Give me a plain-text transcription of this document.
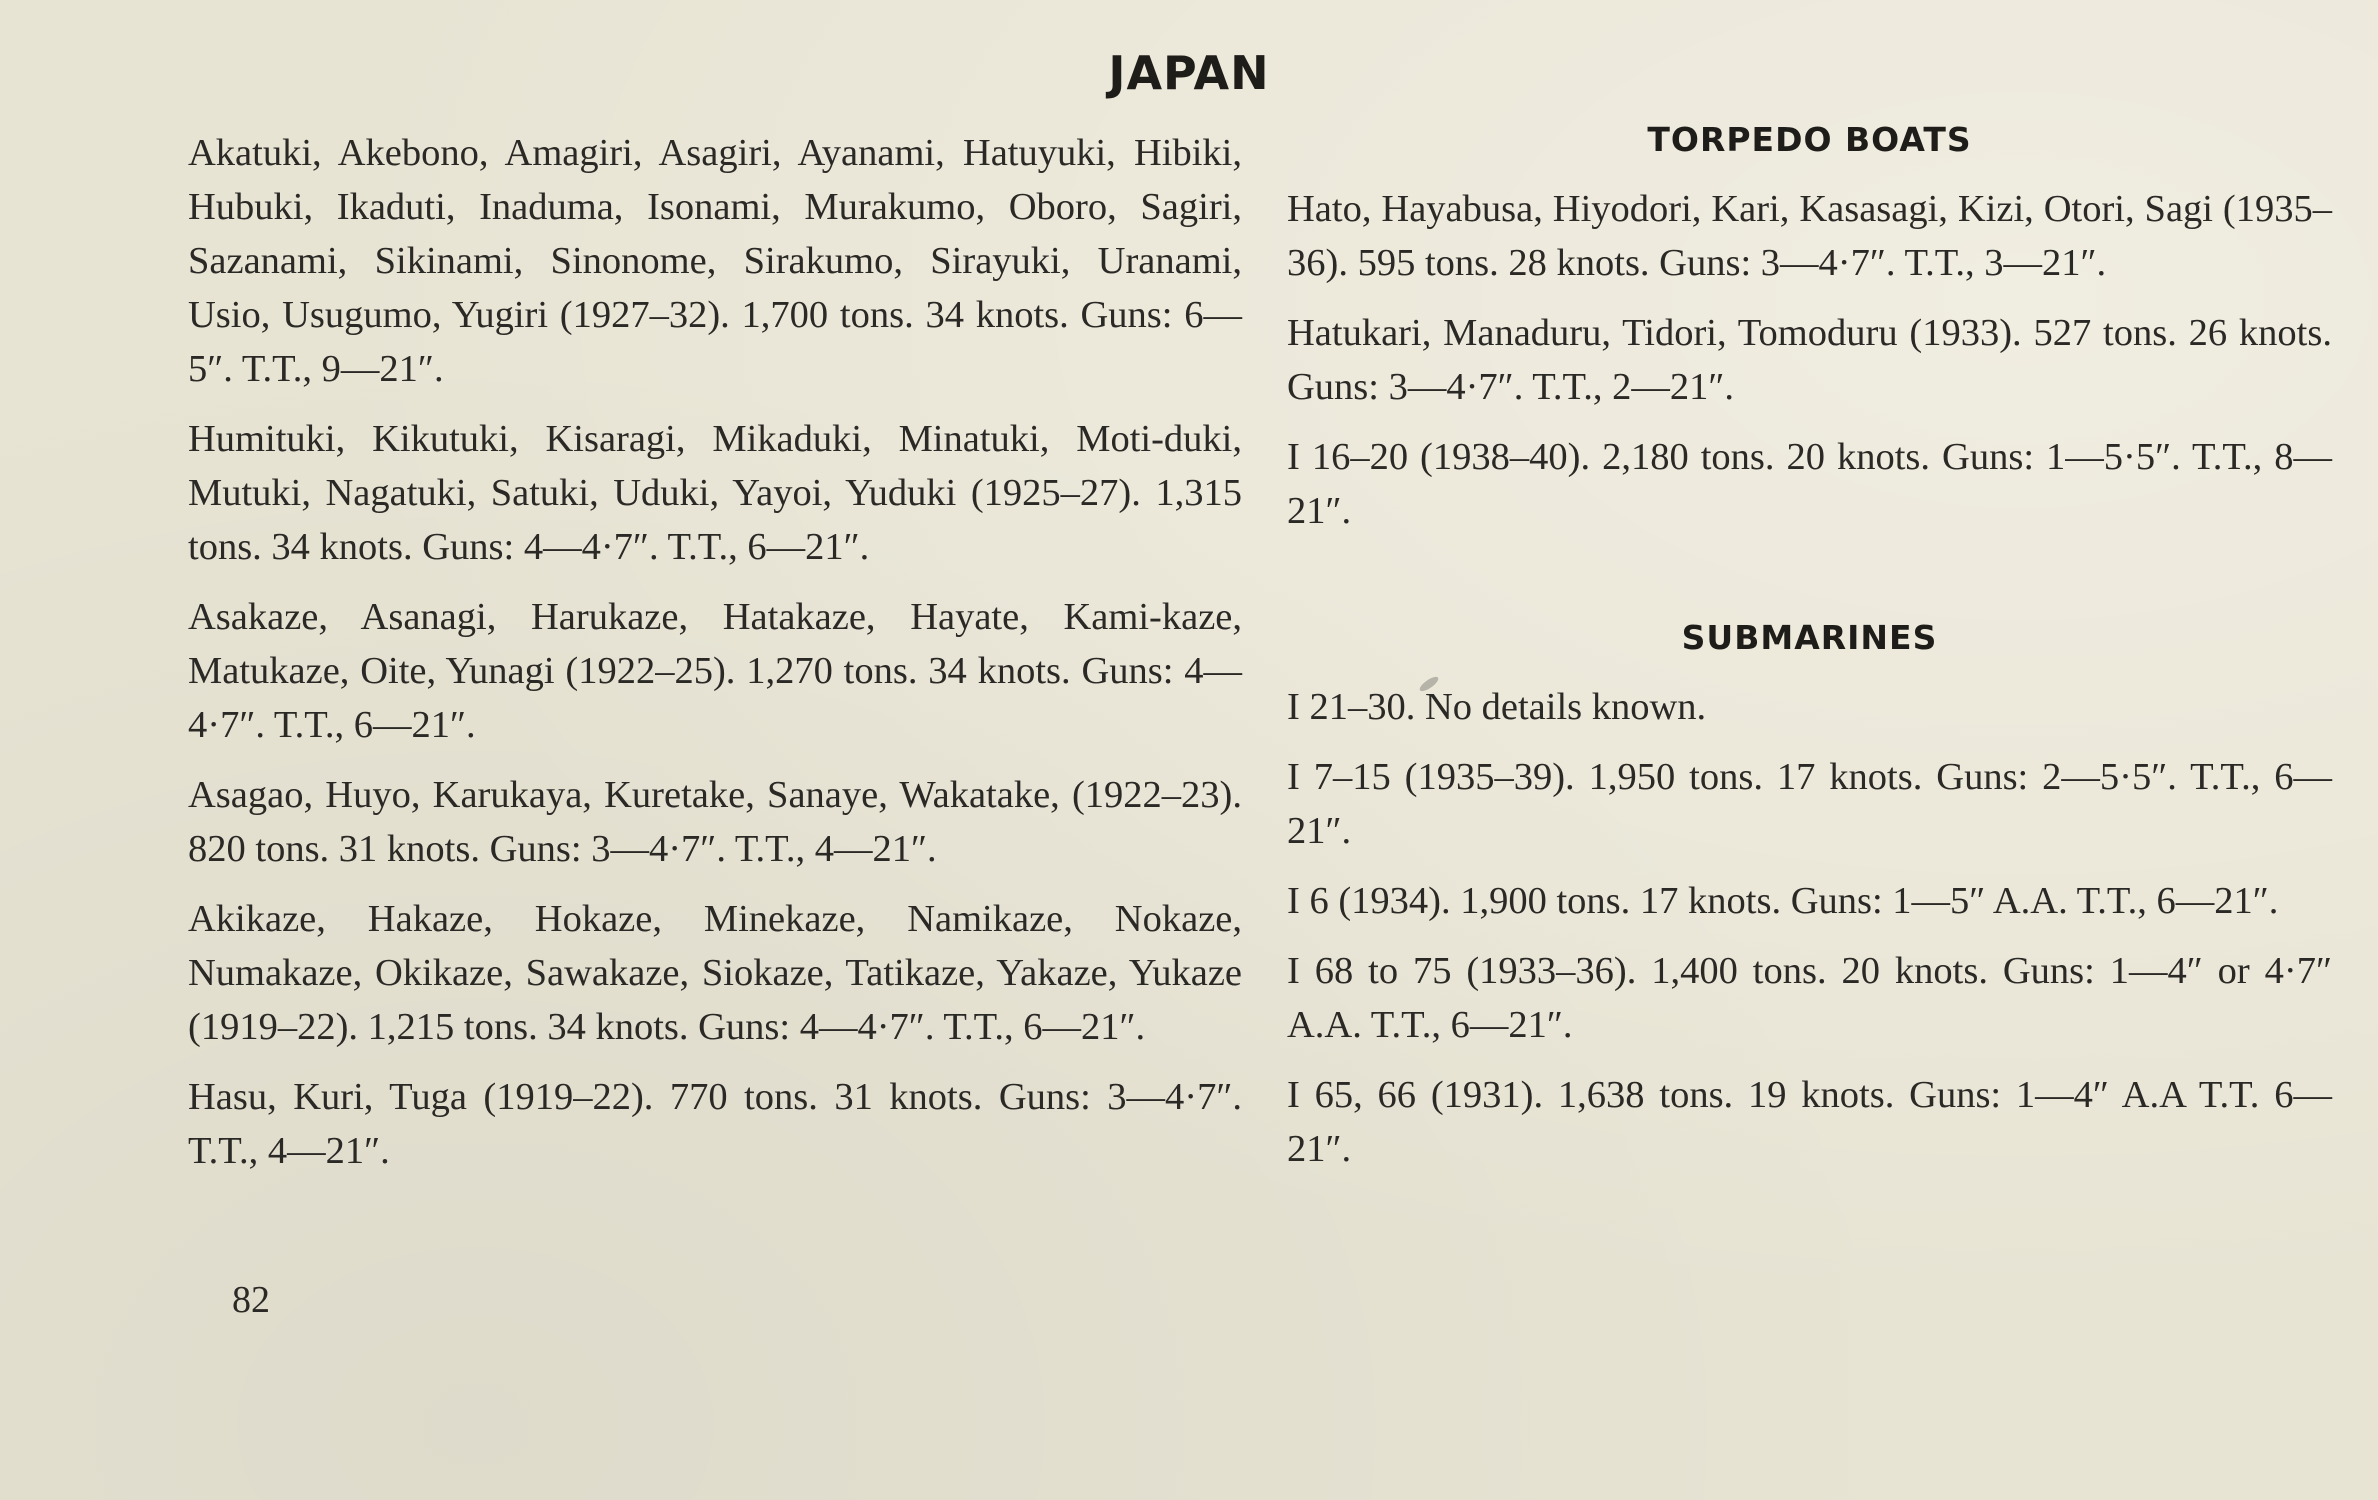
JAPAN

Akatuki, Akebono, Amagiri, Asagiri, Ayanami, Hatuyuki, Hibiki, Hubuki, Ikaduti, Inaduma, Isonami, Murakumo, Oboro, Sagiri, Sazanami, Sikinami, Sinonome, Sirakumo, Sirayuki, Uranami, Usio, Usugumo, Yugiri (1927–32). 1,700 tons. 34 knots. Guns: 6—5″. T.T., 9—21″.

Humituki, Kikutuki, Kisaragi, Mikaduki, Minatuki, Moti-duki, Mutuki, Nagatuki, Satuki, Uduki, Yayoi, Yuduki (1925–27). 1,315 tons. 34 knots. Guns: 4—4·7″. T.T., 6—21″.

Asakaze, Asanagi, Harukaze, Hatakaze, Hayate, Kami-kaze, Matukaze, Oite, Yunagi (1922–25). 1,270 tons. 34 knots. Guns: 4—4·7″. T.T., 6—21″.

Asagao, Huyo, Karukaya, Kuretake, Sanaye, Wakatake, (1922–23). 820 tons. 31 knots. Guns: 3—4·7″. T.T., 4—21″.

Akikaze, Hakaze, Hokaze, Minekaze, Namikaze, Nokaze, Numakaze, Okikaze, Sawakaze, Siokaze, Tatikaze, Yakaze, Yukaze (1919–22). 1,215 tons. 34 knots. Guns: 4—4·7″. T.T., 6—21″.

Hasu, Kuri, Tuga (1919–22). 770 tons. 31 knots. Guns: 3—4·7″. T.T., 4—21″.

TORPEDO BOATS

Hato, Hayabusa, Hiyodori, Kari, Kasasagi, Kizi, Otori, Sagi (1935–36). 595 tons. 28 knots. Guns: 3—4·7″. T.T., 3—21″.

Hatukari, Manaduru, Tidori, Tomoduru (1933). 527 tons. 26 knots. Guns: 3—4·7″. T.T., 2—21″.

I 16–20 (1938–40). 2,180 tons. 20 knots. Guns: 1—5·5″. T.T., 8—21″.

SUBMARINES

I 21–30. No details known.

I 7–15 (1935–39). 1,950 tons. 17 knots. Guns: 2—5·5″. T.T., 6—21″.

I 6 (1934). 1,900 tons. 17 knots. Guns: 1—5″ A.A. T.T., 6—21″.

I 68 to 75 (1933–36). 1,400 tons. 20 knots. Guns: 1—4″ or 4·7″ A.A. T.T., 6—21″.

I 65, 66 (1931). 1,638 tons. 19 knots. Guns: 1—4″ A.A T.T. 6—21″.

82
